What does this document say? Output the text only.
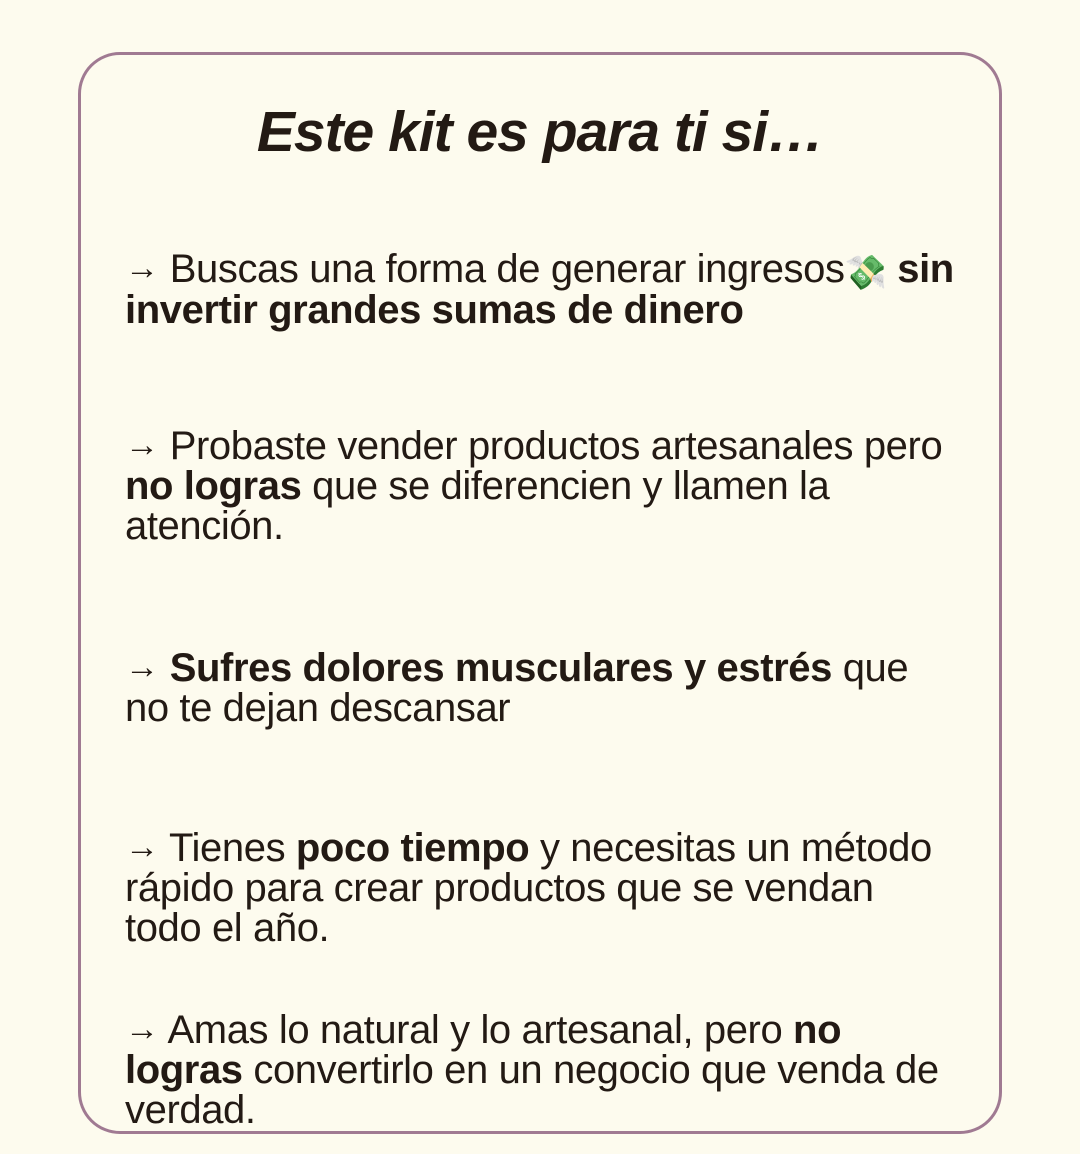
Este kit es para ti si…
→ Buscas una forma de generar ingresos💸 sin invertir grandes sumas de dinero
→ Probaste vender productos artesanales pero no logras que se diferencien y llamen la atención.
→ Sufres dolores musculares y estrés que no te dejan descansar
→ Tienes poco tiempo y necesitas un método rápido para crear productos que se vendan todo el año.
→ Amas lo natural y lo artesanal, pero no logras convertirlo en un negocio que venda de verdad.
